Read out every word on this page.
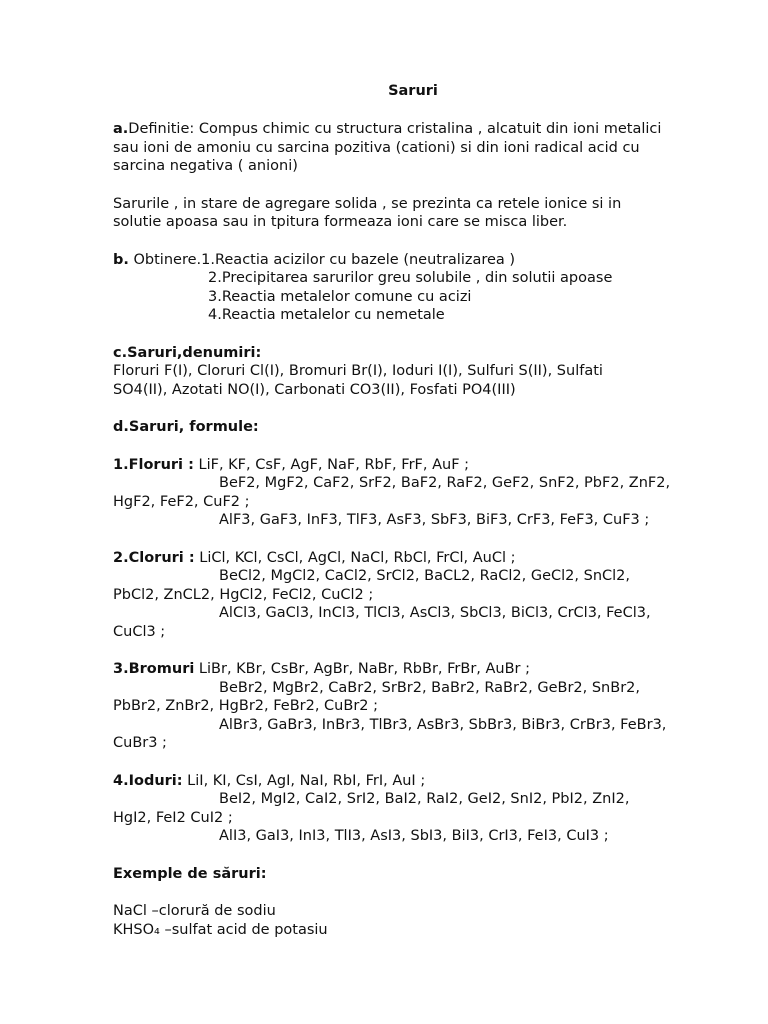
Saruri

a.Definitie: Compus chimic cu structura cristalina , alcatuit din ioni metalici
sau ioni de amoniu cu sarcina pozitiva (cationi) si din ioni radical acid cu
sarcina negativa ( anioni)

Sarurile , in stare de agregare solida , se prezinta ca retele ionice si in
solutie apoasa sau in tpitura formeaza ioni care se misca liber.

b. Obtinere.1.Reactia acizilor cu bazele (neutralizarea )
2.Precipitarea sarurilor greu solubile , din solutii apoase
3.Reactia metalelor comune cu acizi
4.Reactia metalelor cu nemetale

c.Saruri,denumiri:
Floruri F(I), Cloruri Cl(I), Bromuri Br(I), Ioduri I(I), Sulfuri S(II), Sulfati
SO4(II), Azotati NO(I), Carbonati CO3(II), Fosfati PO4(III)

d.Saruri, formule:

1.Floruri : LiF, KF, CsF, AgF, NaF, RbF, FrF, AuF ;
BeF2, MgF2, CaF2, SrF2, BaF2, RaF2, GeF2, SnF2, PbF2, ZnF2,
HgF2, FeF2, CuF2 ;
AlF3, GaF3, InF3, TlF3, AsF3, SbF3, BiF3, CrF3, FeF3, CuF3 ;

2.Cloruri : LiCl, KCl, CsCl, AgCl, NaCl, RbCl, FrCl, AuCl ;
BeCl2, MgCl2, CaCl2, SrCl2, BaCL2, RaCl2, GeCl2, SnCl2,
PbCl2, ZnCL2, HgCl2, FeCl2, CuCl2 ;
AlCl3, GaCl3, InCl3, TlCl3, AsCl3, SbCl3, BiCl3, CrCl3, FeCl3,
CuCl3 ;

3.Bromuri LiBr, KBr, CsBr, AgBr, NaBr, RbBr, FrBr, AuBr ;
BeBr2, MgBr2, CaBr2, SrBr2, BaBr2, RaBr2, GeBr2, SnBr2,
PbBr2, ZnBr2, HgBr2, FeBr2, CuBr2 ;
AlBr3, GaBr3, InBr3, TlBr3, AsBr3, SbBr3, BiBr3, CrBr3, FeBr3,
CuBr3 ;

4.Ioduri: LiI, KI, CsI, AgI, NaI, RbI, FrI, AuI ;
BeI2, MgI2, CaI2, SrI2, BaI2, RaI2, GeI2, SnI2, PbI2, ZnI2,
HgI2, FeI2 CuI2 ;
AlI3, GaI3, InI3, TlI3, AsI3, SbI3, BiI3, CrI3, FeI3, CuI3 ;

Exemple de săruri:

NaCl –clorură de sodiu
KHSO₄ –sulfat acid de potasiu
